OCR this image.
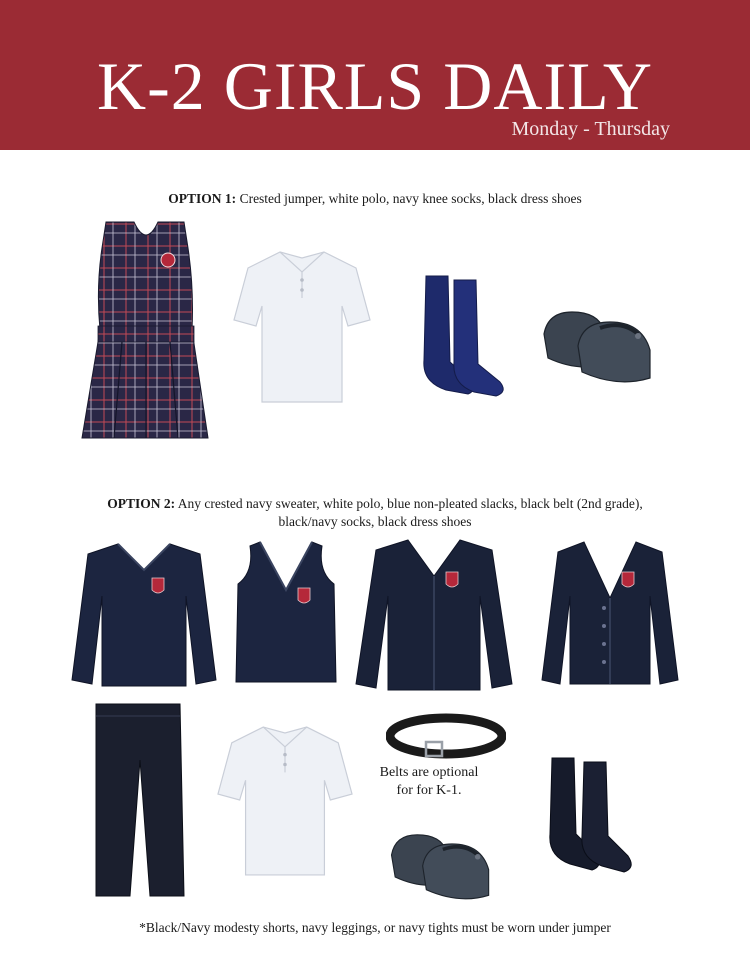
K-2 GIRLS DAILY
Monday - Thursday
OPTION 1: Crested jumper, white polo, navy knee socks, black dress shoes
OPTION 2: Any crested navy sweater, white polo, blue non-pleated slacks, black belt (2nd grade),
black/navy socks, black dress shoes
Belts are optional for for K-1.
*Black/Navy modesty shorts, navy leggings, or navy tights must be worn under jumper
